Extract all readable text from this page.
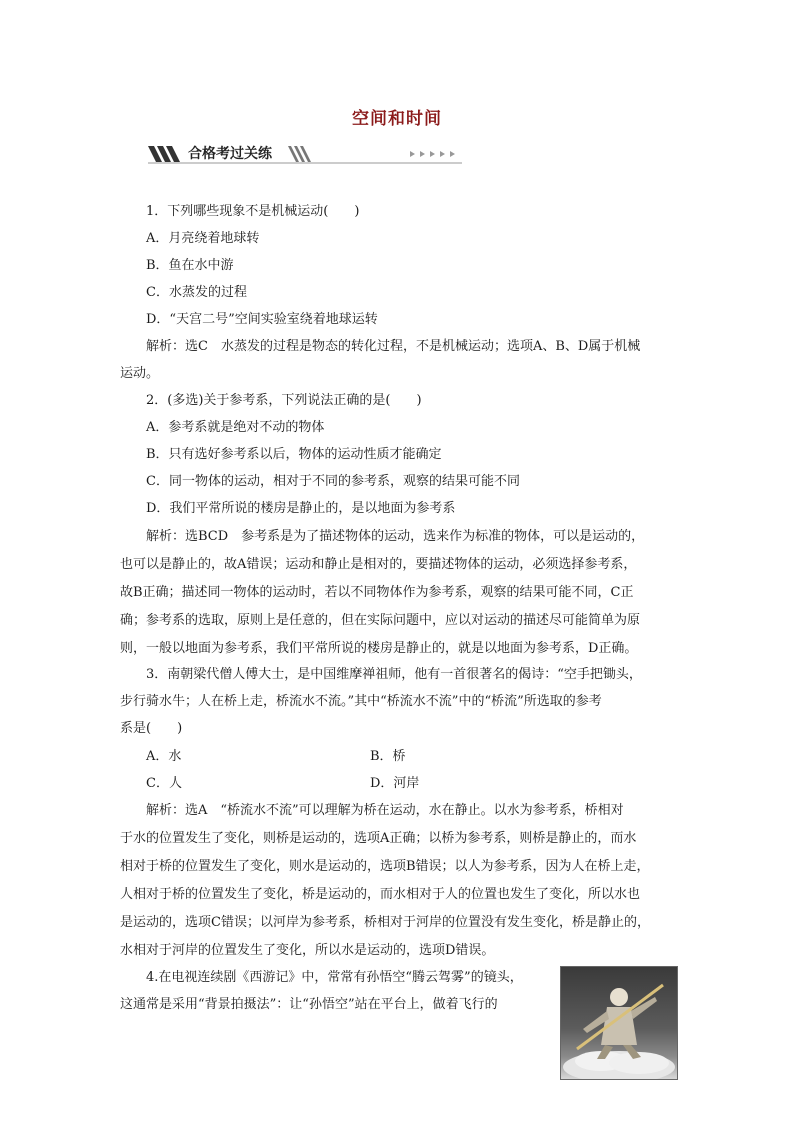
空间和时间
合格考过关练
1．下列哪些现象不是机械运动(　　)
A．月亮绕着地球转
B．鱼在水中游
C．水蒸发的过程
D．“天宫二号”空间实验室绕着地球运转
解析：选C　水蒸发的过程是物态的转化过程，不是机械运动；选项A、B、D属于机械
运动。
2．(多选)关于参考系，下列说法正确的是(　　)
A．参考系就是绝对不动的物体
B．只有选好参考系以后，物体的运动性质才能确定
C．同一物体的运动，相对于不同的参考系，观察的结果可能不同
D．我们平常所说的楼房是静止的，是以地面为参考系
解析：选BCD　参考系是为了描述物体的运动，选来作为标准的物体，可以是运动的，
也可以是静止的，故A错误；运动和静止是相对的，要描述物体的运动，必须选择参考系，
故B正确；描述同一物体的运动时，若以不同物体作为参考系，观察的结果可能不同，C正
确；参考系的选取，原则上是任意的，但在实际问题中，应以对运动的描述尽可能简单为原
则，一般以地面为参考系，我们平常所说的楼房是静止的，就是以地面为参考系，D正确。
3．南朝梁代僧人傅大士，是中国维摩禅祖师，他有一首很著名的偈诗：“空手把锄头，
步行骑水牛；人在桥上走，桥流水不流。”其中“桥流水不流”中的“桥流”所选取的参考
系是(　　)
A．水	B．桥
C．人	D．河岸
解析：选A　“桥流水不流”可以理解为桥在运动，水在静止。以水为参考系，桥相对
于水的位置发生了变化，则桥是运动的，选项A正确；以桥为参考系，则桥是静止的，而水
相对于桥的位置发生了变化，则水是运动的，选项B错误；以人为参考系，因为人在桥上走，
人相对于桥的位置发生了变化，桥是运动的，而水相对于人的位置也发生了变化，所以水也
是运动的，选项C错误；以河岸为参考系，桥相对于河岸的位置没有发生变化，桥是静止的，
水相对于河岸的位置发生了变化，所以水是运动的，选项D错误。
4.在电视连续剧《西游记》中，常常有孙悟空“腾云驾雾”的镜头，
这通常是采用“背景拍摄法”：让“孙悟空”站在平台上，做着飞行的
